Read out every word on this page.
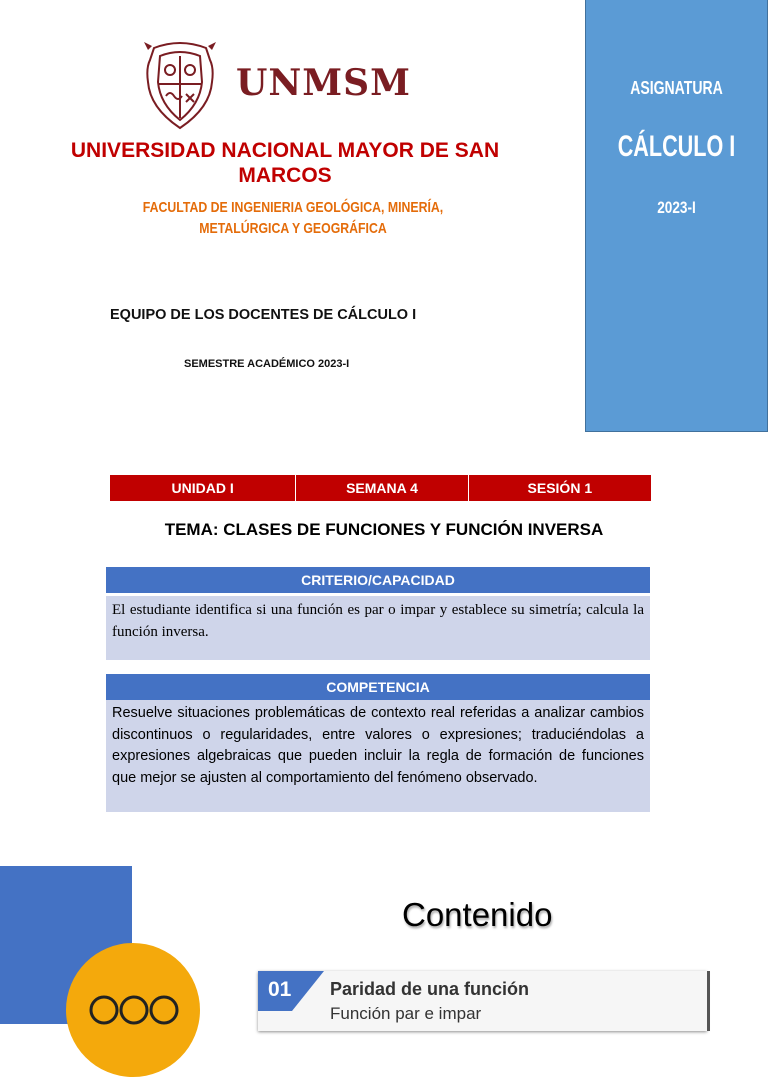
UNMSM
UNIVERSIDAD NACIONAL MAYOR DE SAN MARCOS
FACULTAD DE INGENIERIA GEOLÓGICA, MINERÍA, METALÚRGICA Y GEOGRÁFICA
EQUIPO DE LOS DOCENTES DE CÁLCULO I
SEMESTRE ACADÉMICO 2023-I
ASIGNATURA
CÁLCULO I
2023-I
UNIDAD I	SEMANA 4	SESIÓN 1
TEMA: CLASES DE FUNCIONES Y FUNCIÓN INVERSA
CRITERIO/CAPACIDAD
El estudiante identifica si una función es par o impar y establece su simetría; calcula la función inversa.
COMPETENCIA
Resuelve situaciones problemáticas de contexto real referidas a analizar cambios discontinuos o regularidades, entre valores o expresiones; traduciéndolas a expresiones algebraicas que pueden incluir la regla de formación de funciones que mejor se ajusten al comportamiento del fenómeno observado.
Contenido
01 Paridad de una función
Función par e impar
